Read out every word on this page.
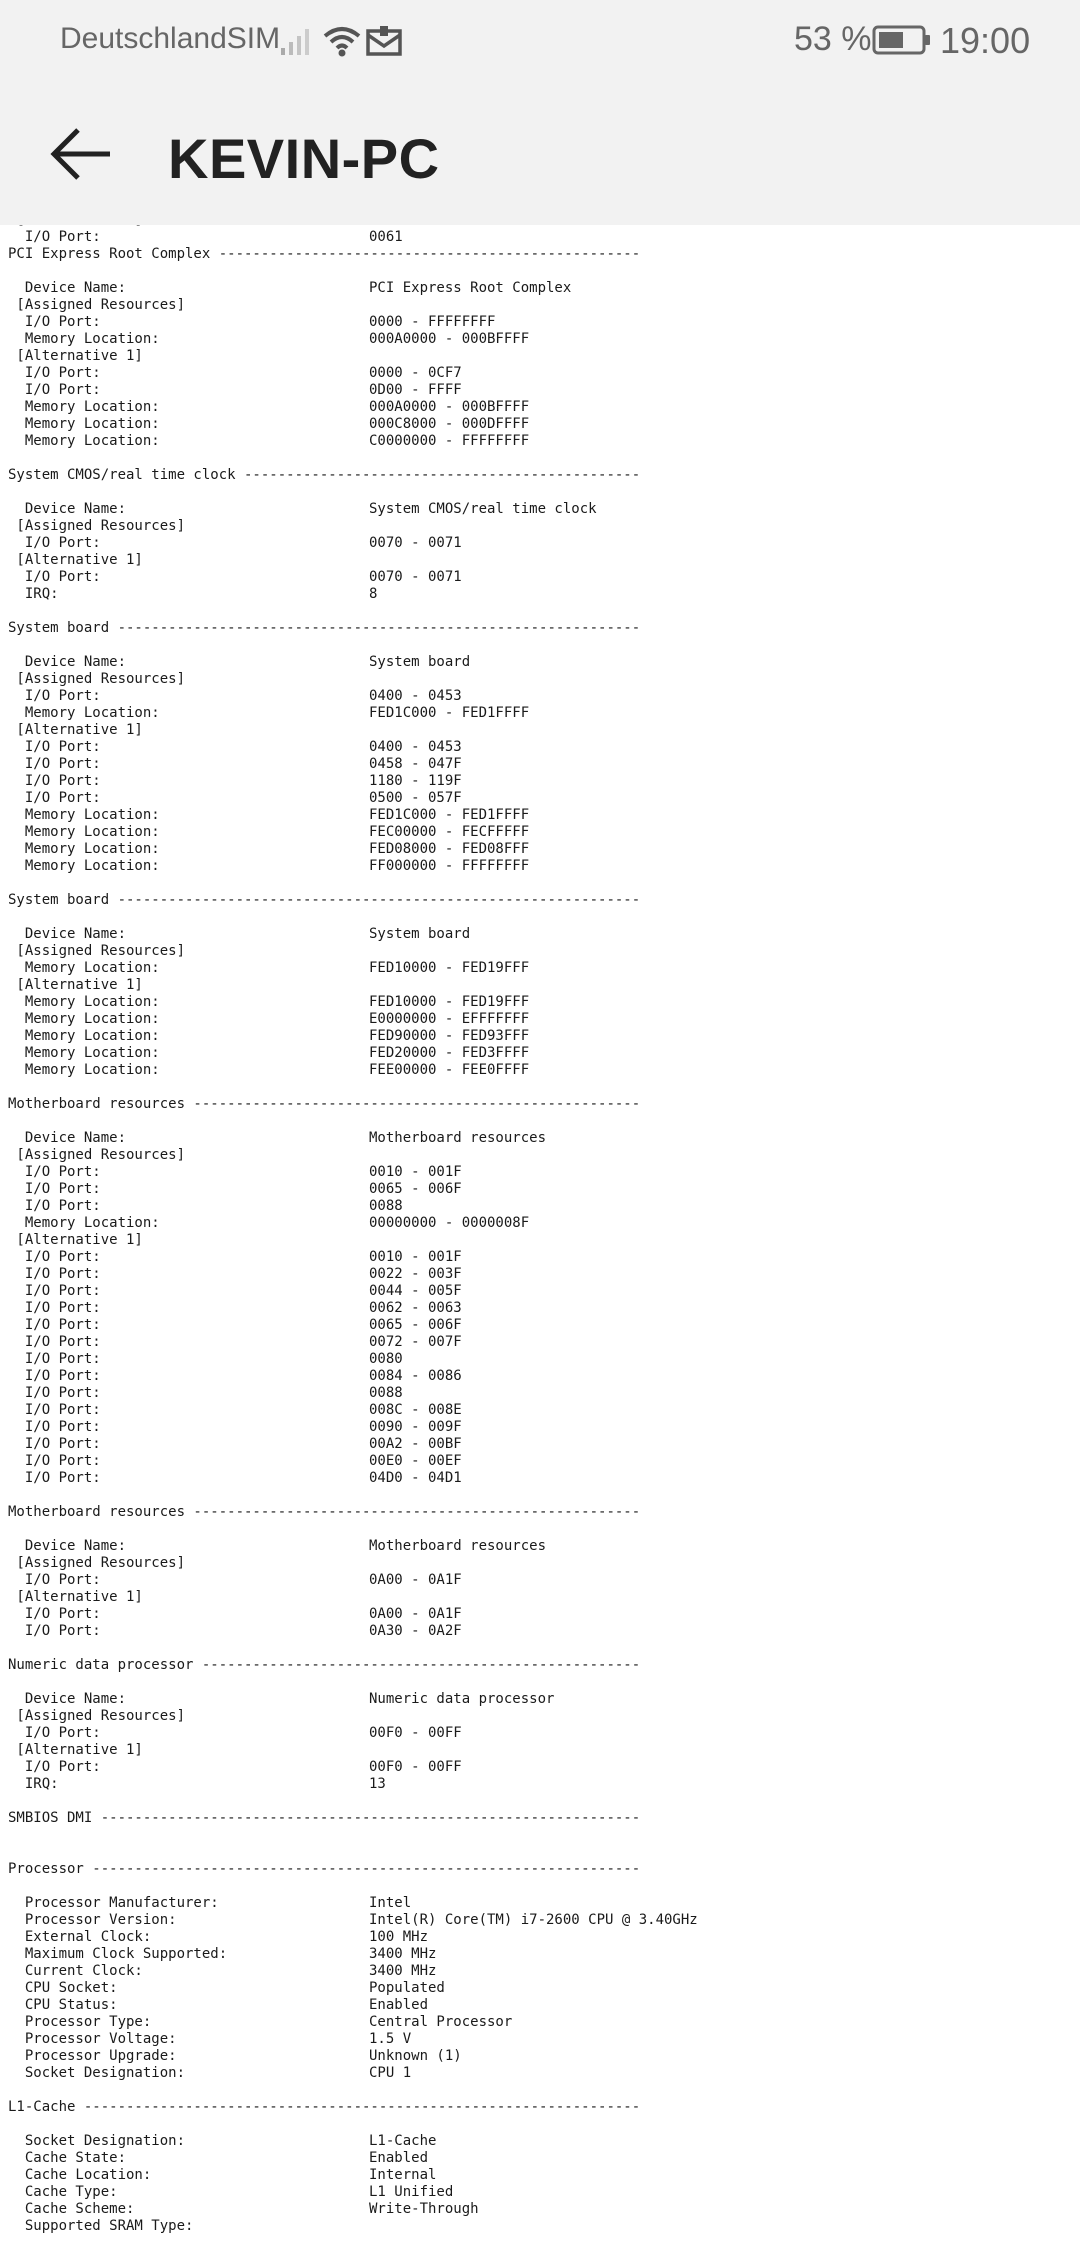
DeutschlandSIM	53 % 19:00
KEVIN-PC
I/O Port:	0061
PCI Express Root Complex --------------------------------------------------
Device Name:	PCI Express Root Complex
[Assigned Resources]
I/O Port:	0000 - FFFFFFFF
Memory Location:	000A0000 - 000BFFFF
[Alternative 1]
I/O Port:	0000 - 0CF7
I/O Port:	0D00 - FFFF
Memory Location:	000A0000 - 000BFFFF
Memory Location:	000C8000 - 000DFFFF
Memory Location:	C0000000 - FFFFFFFF
System CMOS/real time clock -----------------------------------------------
Device Name:	System CMOS/real time clock
[Assigned Resources]
I/O Port:	0070 - 0071
[Alternative 1]
I/O Port:	0070 - 0071
IRQ:	8
System board --------------------------------------------------------------
Device Name:	System board
[Assigned Resources]
I/O Port:	0400 - 0453
Memory Location:	FED1C000 - FED1FFFF
[Alternative 1]
I/O Port:	0400 - 0453
I/O Port:	0458 - 047F
I/O Port:	1180 - 119F
I/O Port:	0500 - 057F
Memory Location:	FED1C000 - FED1FFFF
Memory Location:	FEC00000 - FECFFFFF
Memory Location:	FED08000 - FED08FFF
Memory Location:	FF000000 - FFFFFFFF
System board --------------------------------------------------------------
Device Name:	System board
[Assigned Resources]
Memory Location:	FED10000 - FED19FFF
[Alternative 1]
Memory Location:	FED10000 - FED19FFF
Memory Location:	E0000000 - EFFFFFFF
Memory Location:	FED90000 - FED93FFF
Memory Location:	FED20000 - FED3FFFF
Memory Location:	FEE00000 - FEE0FFFF
Motherboard resources -----------------------------------------------------
Device Name:	Motherboard resources
[Assigned Resources]
I/O Port:	0010 - 001F
I/O Port:	0065 - 006F
I/O Port:	0088
Memory Location:	00000000 - 0000008F
[Alternative 1]
I/O Port:	0010 - 001F
I/O Port:	0022 - 003F
I/O Port:	0044 - 005F
I/O Port:	0062 - 0063
I/O Port:	0065 - 006F
I/O Port:	0072 - 007F
I/O Port:	0080
I/O Port:	0084 - 0086
I/O Port:	0088
I/O Port:	008C - 008E
I/O Port:	0090 - 009F
I/O Port:	00A2 - 00BF
I/O Port:	00E0 - 00EF
I/O Port:	04D0 - 04D1
Motherboard resources -----------------------------------------------------
Device Name:	Motherboard resources
[Assigned Resources]
I/O Port:	0A00 - 0A1F
[Alternative 1]
I/O Port:	0A00 - 0A1F
I/O Port:	0A30 - 0A2F
Numeric data processor ----------------------------------------------------
Device Name:	Numeric data processor
[Assigned Resources]
I/O Port:	00F0 - 00FF
[Alternative 1]
I/O Port:	00F0 - 00FF
IRQ:	13
SMBIOS DMI ----------------------------------------------------------------
Processor -----------------------------------------------------------------
Processor Manufacturer:	Intel
Processor Version:	Intel(R) Core(TM) i7-2600 CPU @ 3.40GHz
External Clock:	100 MHz
Maximum Clock Supported:	3400 MHz
Current Clock:	3400 MHz
CPU Socket:	Populated
CPU Status:	Enabled
Processor Type:	Central Processor
Processor Voltage:	1.5 V
Processor Upgrade:	Unknown (1)
Socket Designation:	CPU 1
L1-Cache ------------------------------------------------------------------
Socket Designation:	L1-Cache
Cache State:	Enabled
Cache Location:	Internal
Cache Type:	L1 Unified
Cache Scheme:	Write-Through
Supported SRAM Type:
